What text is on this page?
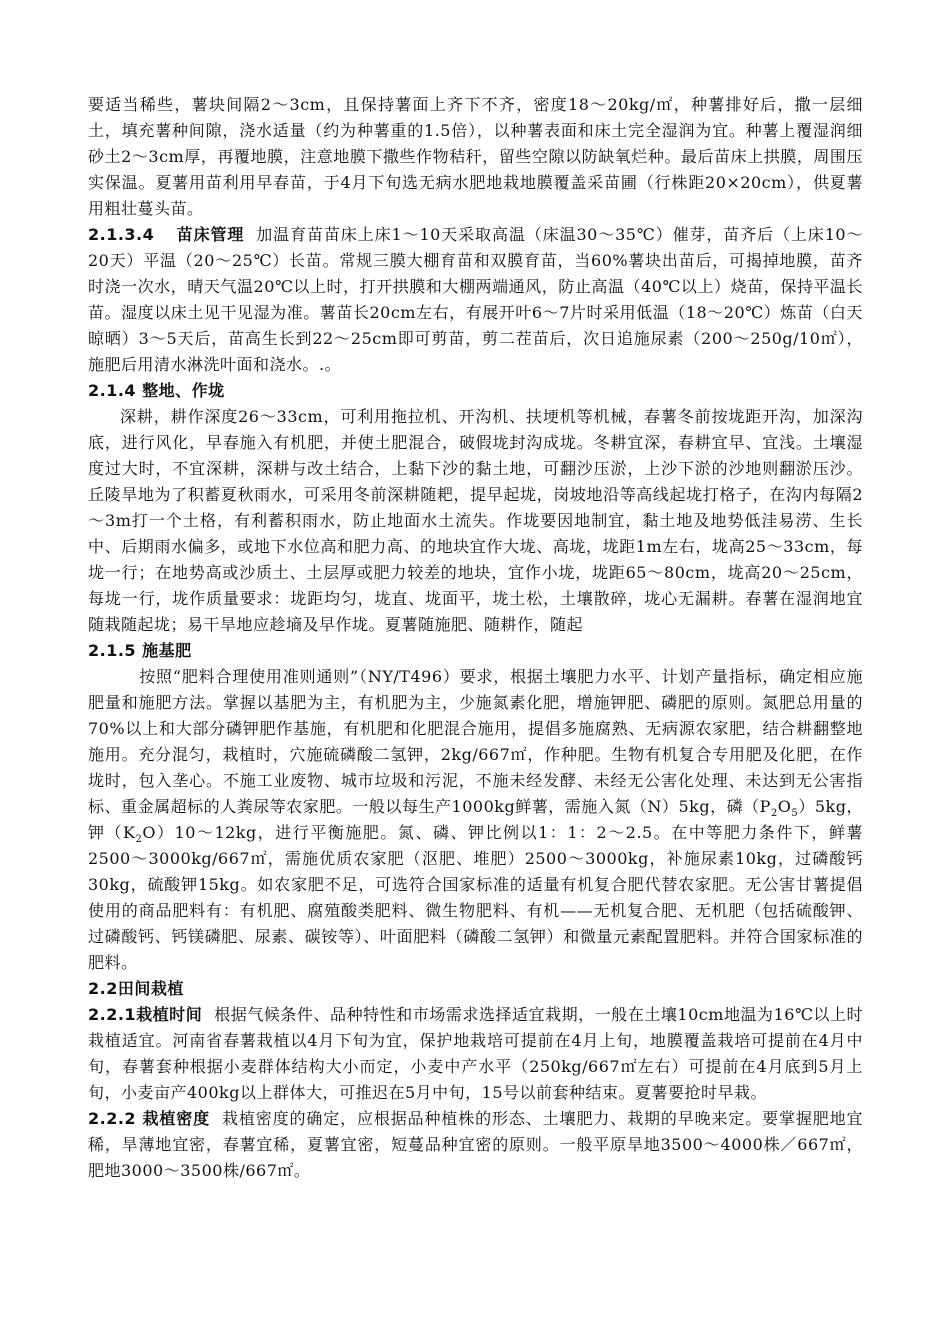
要适当稀些，薯块间隔2～3cm，且保持薯面上齐下不齐，密度18～20kg/㎡，种薯排好后，撒一层细土，填充薯种间隙，浇水适量（约为种薯重的1.5倍），以种薯表面和床土完全湿润为宜。种薯上覆湿润细砂土2～3cm厚，再覆地膜，注意地膜下撒些作物秸秆，留些空隙以防缺氧烂种。最后苗床上拱膜，周围压实保温。夏薯用苗利用早春苗，于4月下旬选无病水肥地栽地膜覆盖采苗圃（行株距20×20cm），供夏薯用粗壮蔓头苗。

2.1.3.4 苗床管理 加温育苗苗床上床1～10天采取高温（床温30～35℃）催芽，苗齐后（上床10～20天）平温（20～25℃）长苗。常规三膜大棚育苗和双膜育苗，当60%薯块出苗后，可揭掉地膜，苗齐时浇一次水，晴天气温20℃以上时，打开拱膜和大棚两端通风，防止高温（40℃以上）烧苗，保持平温长苗。湿度以床土见干见湿为准。薯苗长20cm左右，有展开叶6～7片时采用低温（18～20℃）炼苗（白天晾晒）3～5天后，苗高生长到22～25cm即可剪苗，剪二茬苗后，次日追施尿素（200～250g/10㎡），施肥后用清水淋洗叶面和浇水。.。

2.1.4 整地、作垅

深耕，耕作深度26～33cm，可利用拖拉机、开沟机、扶埂机等机械，春薯冬前按垅距开沟，加深沟底，进行风化，早春施入有机肥，并使土肥混合，破假垅封沟成垅。冬耕宜深，春耕宜早、宜浅。土壤湿度过大时，不宜深耕，深耕与改土结合，上黏下沙的黏土地，可翻沙压淤，上沙下淤的沙地则翻淤压沙。丘陵旱地为了积蓄夏秋雨水，可采用冬前深耕随耙，提早起垅，岗坡地沿等高线起垅打格子，在沟内每隔2～3m打一个土格，有利蓄积雨水，防止地面水土流失。作垅要因地制宜，黏土地及地势低洼易涝、生长中、后期雨水偏多，或地下水位高和肥力高、的地块宜作大垅、高垅，垅距1m左右，垅高25～33cm，每垅一行；在地势高或沙质土、土层厚或肥力较差的地块，宜作小垅，垅距65～80cm，垅高20～25cm，每垅一行，垅作质量要求：垅距均匀，垅直、垅面平，垅土松，土壤散碎，垅心无漏耕。春薯在湿润地宜随栽随起垅；易干旱地应趁墒及早作垅。夏薯随施肥、随耕作，随起

2.1.5 施基肥

按照“肥料合理使用准则通则”（NY/T496）要求，根据土壤肥力水平、计划产量指标，确定相应施肥量和施肥方法。掌握以基肥为主，有机肥为主，少施氮素化肥，增施钾肥、磷肥的原则。氮肥总用量的70%以上和大部分磷钾肥作基施，有机肥和化肥混合施用，提倡多施腐熟、无病源农家肥，结合耕翻整地施用。充分混匀，栽植时，穴施硫磷酸二氢钾，2kg/667㎡，作种肥。生物有机复合专用肥及化肥，在作垅时，包入垄心。不施工业废物、城市垃圾和污泥，不施未经发酵、未经无公害化处理、未达到无公害指标、重金属超标的人粪尿等农家肥。一般以每生产1000kg鲜薯，需施入氮（N）5kg，磷$(P_2O_5)5kg$，钾$(K_2O)10\sim 12kg$，进行平衡施肥。氮、磷、钾比例以1：1：2～2.5。在中等肥力条件下，鲜薯2500～3000kg/667㎡，需施优质农家肥（沤肥、堆肥）2500～3000kg，补施尿素10kg，过磷酸钙30kg，硫酸钾15kg。如农家肥不足，可选符合国家标准的适量有机复合肥代替农家肥。无公害甘薯提倡使用的商品肥料有：有机肥、腐殖酸类肥料、微生物肥料、有机——无机复合肥、无机肥（包括硫酸钾、过磷酸钙、钙镁磷肥、尿素、碳铵等）、叶面肥料（磷酸二氢钾）和微量元素配置肥料。并符合国家标准的肥料。

2.2田间栽植

2.2.1栽植时间 根据气候条件、品种特性和市场需求选择适宜栽期，一般在土壤10cm地温为16℃以上时栽植适宜。河南省春薯栽植以4月下旬为宜，保护地栽培可提前在4月上旬，地膜覆盖栽培可提前在4月中旬，春薯套种根据小麦群体结构大小而定，小麦中产水平（250kg/667㎡左右）可提前在4月底到5月上旬，小麦亩产400kg以上群体大，可推迟在5月中旬，15号以前套种结束。夏薯要抢时早栽。

2.2.2 栽植密度 栽植密度的确定，应根据品种植株的形态、土壤肥力、栽期的早晚来定。要掌握肥地宜稀，旱薄地宜密，春薯宜稀，夏薯宜密，短蔓品种宜密的原则。一般平原旱地3500～4000株／667㎡，肥地3000～3500株/667㎡。
